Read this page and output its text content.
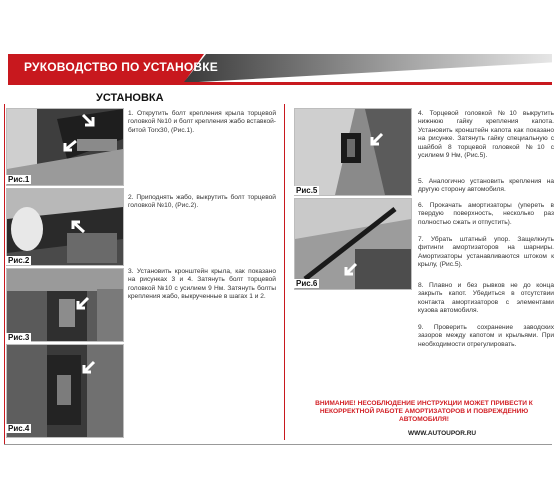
РУКОВОДСТВО ПО УСТАНОВКЕ
УСТАНОВКА
Рис.1
Рис.2
Рис.3
Рис.4
Рис.5
Рис.6
1. Открутить болт крепления крыла торцевой головкой №10 и болт крепления жабо вставкой-битой Torx30, (Рис.1).
2. Приподнять жабо, выкрутить болт торцевой головкой №10, (Рис.2).
3. Установить кронштейн крыла, как показано на рисунках 3 и 4. Затянуть болт торцевой головкой №10 с усилием 9 Нм. Затянуть болты крепления жабо, выкрученные в шагах 1 и 2.
4. Торцевой головкой №10 выкрутить нижнюю гайку крепления капота. Установить кронштейн капота как показано на рисунке. Затянуть гайку специальную с шайбой 8 торцевой головкой №10 с усилием 9 Нм, (Рис.5).
5. Аналогично установить крепления на другую сторону автомобиля.
6. Прокачать амортизаторы (упереть в твердую поверхность, несколько раз полностью сжать и отпустить).
7. Убрать штатный упор. Защелкнуть фитинги амортизаторов на шарниры. Амортизаторы устанавливаются штоком к крылу, (Рис.5).
8. Плавно и без рывков не до конца закрыть капот. Убедиться в отсутствии контакта амортизаторов с элементами кузова автомобиля.
9. Проверить сохранение заводских зазоров между капотом и крыльями. При необходимости отрегулировать.
ВНИМАНИЕ! НЕСОБЛЮДЕНИЕ ИНСТРУКЦИИ МОЖЕТ ПРИВЕСТИ К НЕКОРРЕКТНОЙ РАБОТЕ АМОРТИЗАТОРОВ И ПОВРЕЖДЕНИЮ АВТОМОБИЛЯ!
WWW.AUTOUPOR.RU
